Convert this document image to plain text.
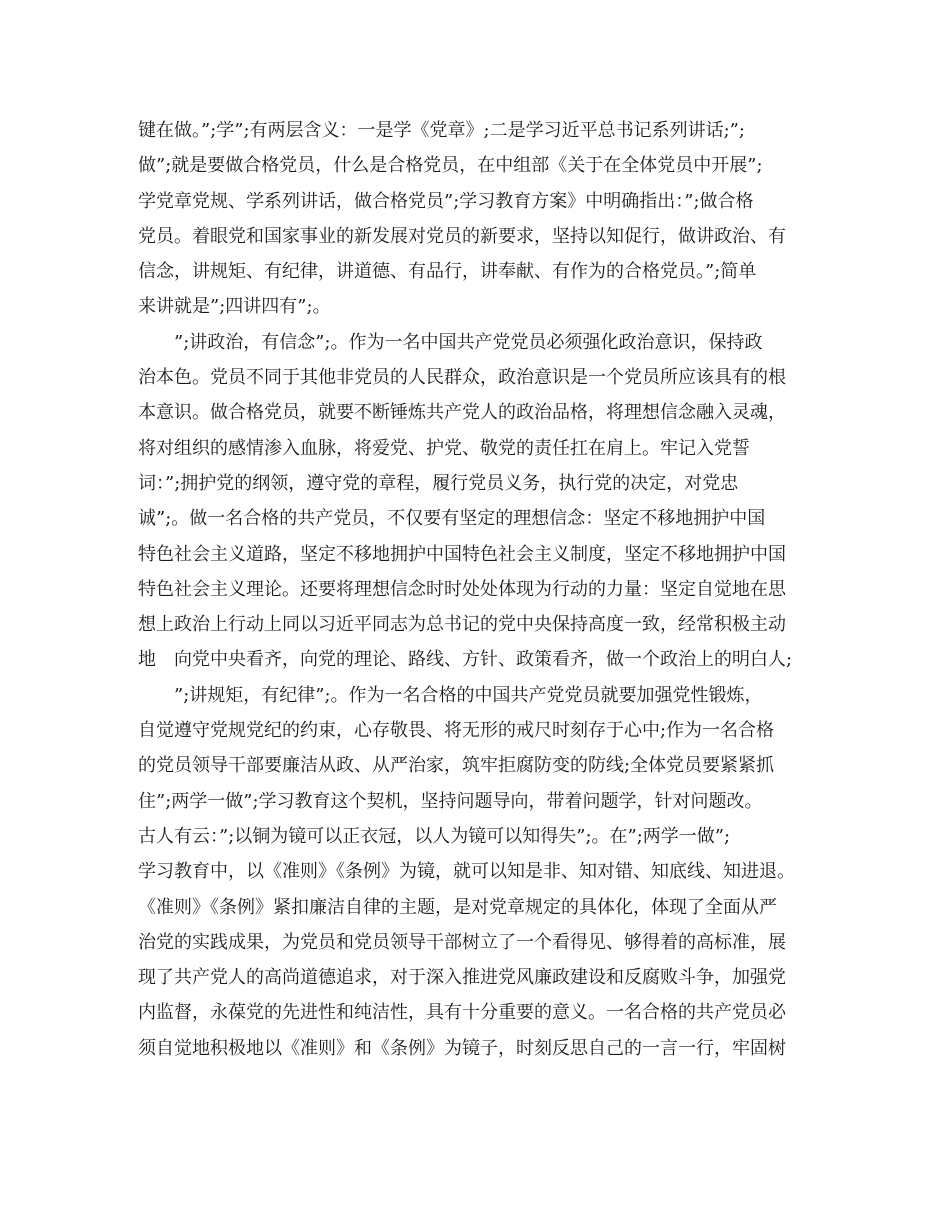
键在做。”;学”;有两层含义：一是学《党章》;二是学习近平总书记系列讲话;”;
做”;就是要做合格党员，什么是合格党员，在中组部《关于在全体党员中开展”;
学党章党规、学系列讲话，做合格党员”;学习教育方案》中明确指出：”;做合格
党员。着眼党和国家事业的新发展对党员的新要求，坚持以知促行，做讲政治、有
信念，讲规矩、有纪律，讲道德、有品行，讲奉献、有作为的合格党员。”;简单
来讲就是”;四讲四有”;。
　　”;讲政治，有信念”;。作为一名中国共产党党员必须强化政治意识，保持政
治本色。党员不同于其他非党员的人民群众，政治意识是一个党员所应该具有的根
本意识。做合格党员，就要不断锤炼共产党人的政治品格，将理想信念融入灵魂，
将对组织的感情渗入血脉，将爱党、护党、敬党的责任扛在肩上。牢记入党誓
词：”;拥护党的纲领，遵守党的章程，履行党员义务，执行党的决定，对党忠
诚”;。做一名合格的共产党员，不仅要有坚定的理想信念：坚定不移地拥护中国
特色社会主义道路，坚定不移地拥护中国特色社会主义制度，坚定不移地拥护中国
特色社会主义理论。还要将理想信念时时处处体现为行动的力量：坚定自觉地在思
想上政治上行动上同以习近平同志为总书记的党中央保持高度一致，经常积极主动
地　向党中央看齐，向党的理论、路线、方针、政策看齐，做一个政治上的明白人;
　　”;讲规矩，有纪律”;。作为一名合格的中国共产党党员就要加强党性锻炼，
自觉遵守党规党纪的约束，心存敬畏、将无形的戒尺时刻存于心中;作为一名合格
的党员领导干部要廉洁从政、从严治家，筑牢拒腐防变的防线;全体党员要紧紧抓
住”;两学一做”;学习教育这个契机，坚持问题导向，带着问题学，针对问题改。
古人有云：”;以铜为镜可以正衣冠，以人为镜可以知得失”;。在”;两学一做”;
学习教育中，以《准则》《条例》为镜，就可以知是非、知对错、知底线、知进退。
《准则》《条例》紧扣廉洁自律的主题，是对党章规定的具体化，体现了全面从严
治党的实践成果，为党员和党员领导干部树立了一个看得见、够得着的高标准，展
现了共产党人的高尚道德追求，对于深入推进党风廉政建设和反腐败斗争，加强党
内监督，永葆党的先进性和纯洁性，具有十分重要的意义。一名合格的共产党员必
须自觉地积极地以《准则》和《条例》为镜子，时刻反思自己的一言一行，牢固树
